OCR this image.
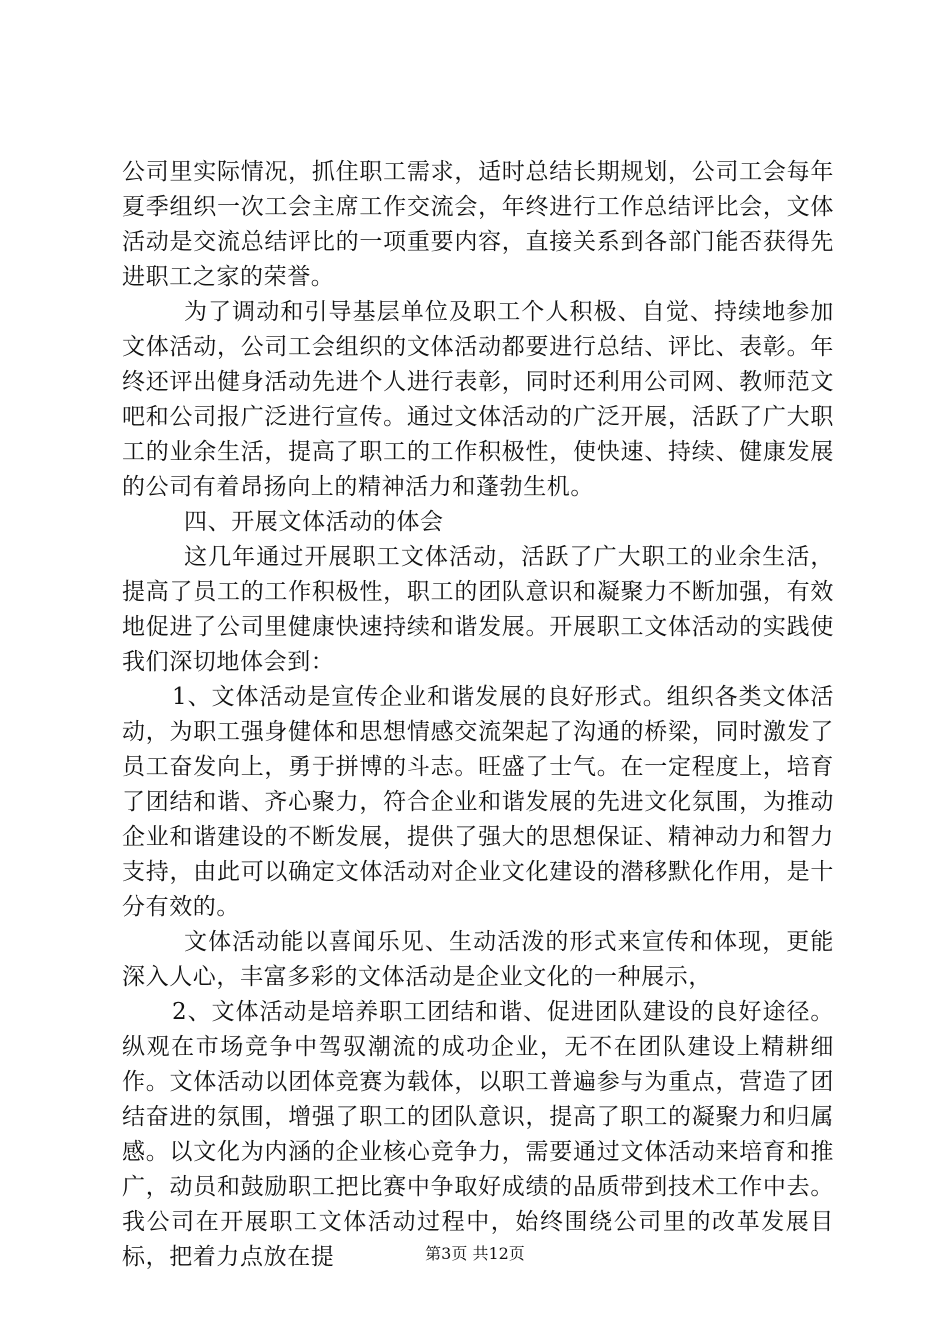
公司里实际情况，抓住职工需求，适时总结长期规划，公司工会每年夏季组织一次工会主席工作交流会，年终进行工作总结评比会，文体活动是交流总结评比的一项重要内容，直接关系到各部门能否获得先进职工之家的荣誉。

为了调动和引导基层单位及职工个人积极、自觉、持续地参加文体活动，公司工会组织的文体活动都要进行总结、评比、表彰。年终还评出健身活动先进个人进行表彰，同时还利用公司网、教师范文吧和公司报广泛进行宣传。通过文体活动的广泛开展，活跃了广大职工的业余生活，提高了职工的工作积极性，使快速、持续、健康发展的公司有着昂扬向上的精神活力和蓬勃生机。

四、开展文体活动的体会

这几年通过开展职工文体活动，活跃了广大职工的业余生活，提高了员工的工作积极性，职工的团队意识和凝聚力不断加强，有效地促进了公司里健康快速持续和谐发展。开展职工文体活动的实践使我们深切地体会到：

1、文体活动是宣传企业和谐发展的良好形式。组织各类文体活动，为职工强身健体和思想情感交流架起了沟通的桥梁，同时激发了员工奋发向上，勇于拼博的斗志。旺盛了士气。在一定程度上，培育了团结和谐、齐心聚力，符合企业和谐发展的先进文化氛围，为推动企业和谐建设的不断发展，提供了强大的思想保证、精神动力和智力支持，由此可以确定文体活动对企业文化建设的潜移默化作用，是十分有效的。

文体活动能以喜闻乐见、生动活泼的形式来宣传和体现，更能深入人心，丰富多彩的文体活动是企业文化的一种展示，

2、文体活动是培养职工团结和谐、促进团队建设的良好途径。纵观在市场竞争中驾驭潮流的成功企业，无不在团队建设上精耕细作。文体活动以团体竞赛为载体，以职工普遍参与为重点，营造了团结奋进的氛围，增强了职工的团队意识，提高了职工的凝聚力和归属感。以文化为内涵的企业核心竞争力，需要通过文体活动来培育和推广，动员和鼓励职工把比赛中争取好成绩的品质带到技术工作中去。我公司在开展职工文体活动过程中，始终围绕公司里的改革发展目标，把着力点放在提	第3页 共12页
